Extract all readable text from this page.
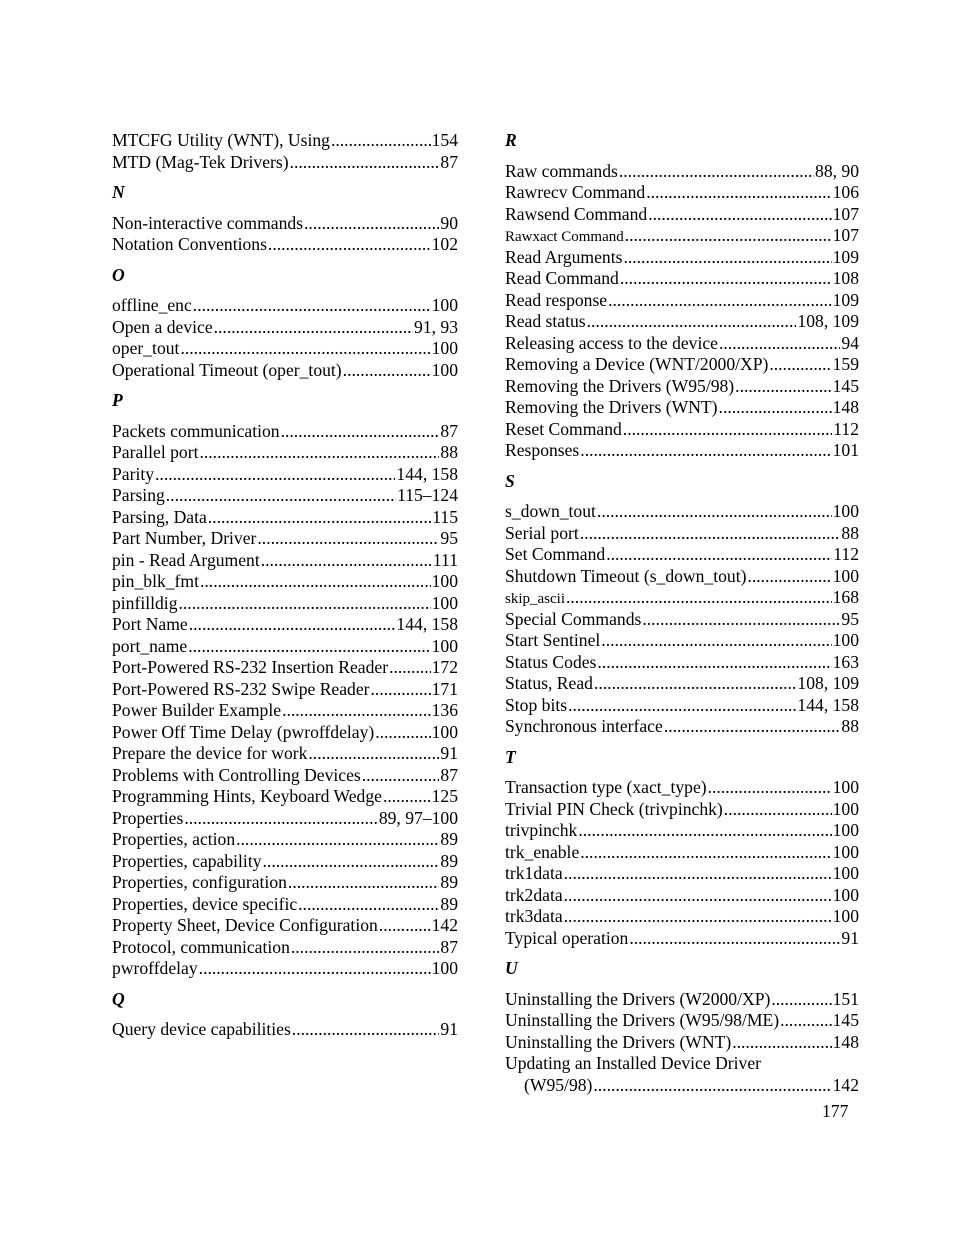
MTCFG Utility (WNT), Using .....	154
MTD (Mag-Tek Drivers) .....	87
N
Non-interactive commands .....	90
Notation Conventions .....	102
O
offline_enc .....	100
Open a device .....	91, 93
oper_tout .....	100
Operational Timeout (oper_tout) .....	100
P
Packets communication .....	87
Parallel port .....	88
Parity .....	144, 158
Parsing .....	115–124
Parsing, Data .....	115
Part Number, Driver .....	95
pin - Read Argument .....	111
pin_blk_fmt .....	100
pinfilldig .....	100
Port Name .....	144, 158
port_name .....	100
Port-Powered RS-232 Insertion Reader ..... 172
Port-Powered RS-232 Swipe Reader .....	171
Power Builder Example .....	136
Power Off Time Delay (pwroffdelay) .....	100
Prepare the device for work .....	91
Problems with Controlling Devices .....	87
Programming Hints, Keyboard Wedge .....	125
Properties .....	89, 97–100
Properties, action .....	89
Properties, capability .....	89
Properties, configuration .....	89
Properties, device specific .....	89
Property Sheet, Device Configuration .....	142
Protocol, communication .....	87
pwroffdelay .....	100
Q
Query device capabilities .....	91
R
Raw commands .....	88, 90
Rawrecv Command .....	106
Rawsend Command .....	107
Rawxact Command .....	107
Read Arguments .....	109
Read Command .....	108
Read response .....	109
Read status .....	108, 109
Releasing access to the device .....	94
Removing a Device (WNT/2000/XP) .....	159
Removing the Drivers (W95/98) .....	145
Removing the Drivers (WNT) .....	148
Reset Command .....	112
Responses .....	101
S
s_down_tout .....	100
Serial port .....	88
Set Command .....	112
Shutdown Timeout (s_down_tout) .....	100
skip_ascii .....	168
Special Commands .....	95
Start Sentinel .....	100
Status Codes .....	163
Status, Read .....	108, 109
Stop bits .....	144, 158
Synchronous interface .....	88
T
Transaction type (xact_type) .....	100
Trivial PIN Check (trivpinchk) .....	100
trivpinchk .....	100
trk_enable .....	100
trk1data .....	100
trk2data .....	100
trk3data .....	100
Typical operation .....	91
U
Uninstalling the Drivers (W2000/XP) .....	151
Uninstalling the Drivers (W95/98/ME) .....	145
Uninstalling the Drivers (WNT) .....	148
Updating an Installed Device Driver
(W95/98) .....	142
177
